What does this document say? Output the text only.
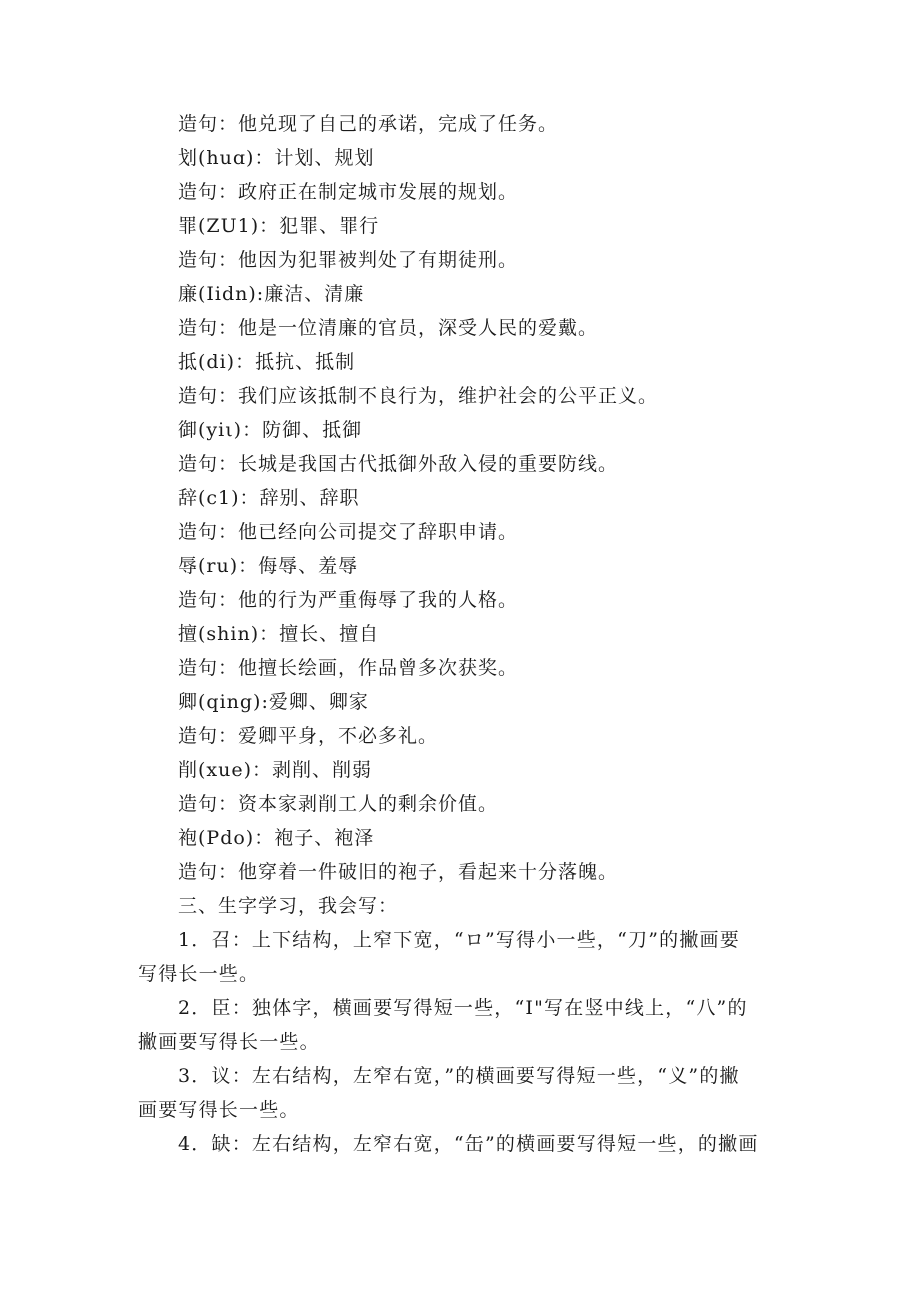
造句：他兑现了自己的承诺，完成了任务。
划(huɑ)：计划、规划
造句：政府正在制定城市发展的规划。
罪(ZU1)：犯罪、罪行
造句：他因为犯罪被判处了有期徒刑。
廉(Iidn):廉洁、清廉
造句：他是一位清廉的官员，深受人民的爱戴。
抵(di)：抵抗、抵制
造句：我们应该抵制不良行为，维护社会的公平正义。
御(yiι)：防御、抵御
造句：长城是我国古代抵御外敌入侵的重要防线。
辞(c1)：辞别、辞职
造句：他已经向公司提交了辞职申请。
辱(ru)：侮辱、羞辱
造句：他的行为严重侮辱了我的人格。
擅(shin)：擅长、擅自
造句：他擅长绘画，作品曾多次获奖。
卿(qing):爱卿、卿家
造句：爱卿平身，不必多礼。
削(xue)：剥削、削弱
造句：资本家剥削工人的剩余价值。
袍(Pdo)：袍子、袍泽
造句：他穿着一件破旧的袍子，看起来十分落魄。
三、生字学习，我会写：
1．召：上下结构，上窄下宽，“ロ”写得小一些，“刀”的撇画要
写得长一些。
2．臣：独体字，横画要写得短一些，“I"写在竖中线上，“八”的
撇画要写得长一些。
3．议：左右结构，左窄右宽，”的横画要写得短一些，“义”的撇
画要写得长一些。
4．缺：左右结构，左窄右宽，“缶”的横画要写得短一些，的撇画
